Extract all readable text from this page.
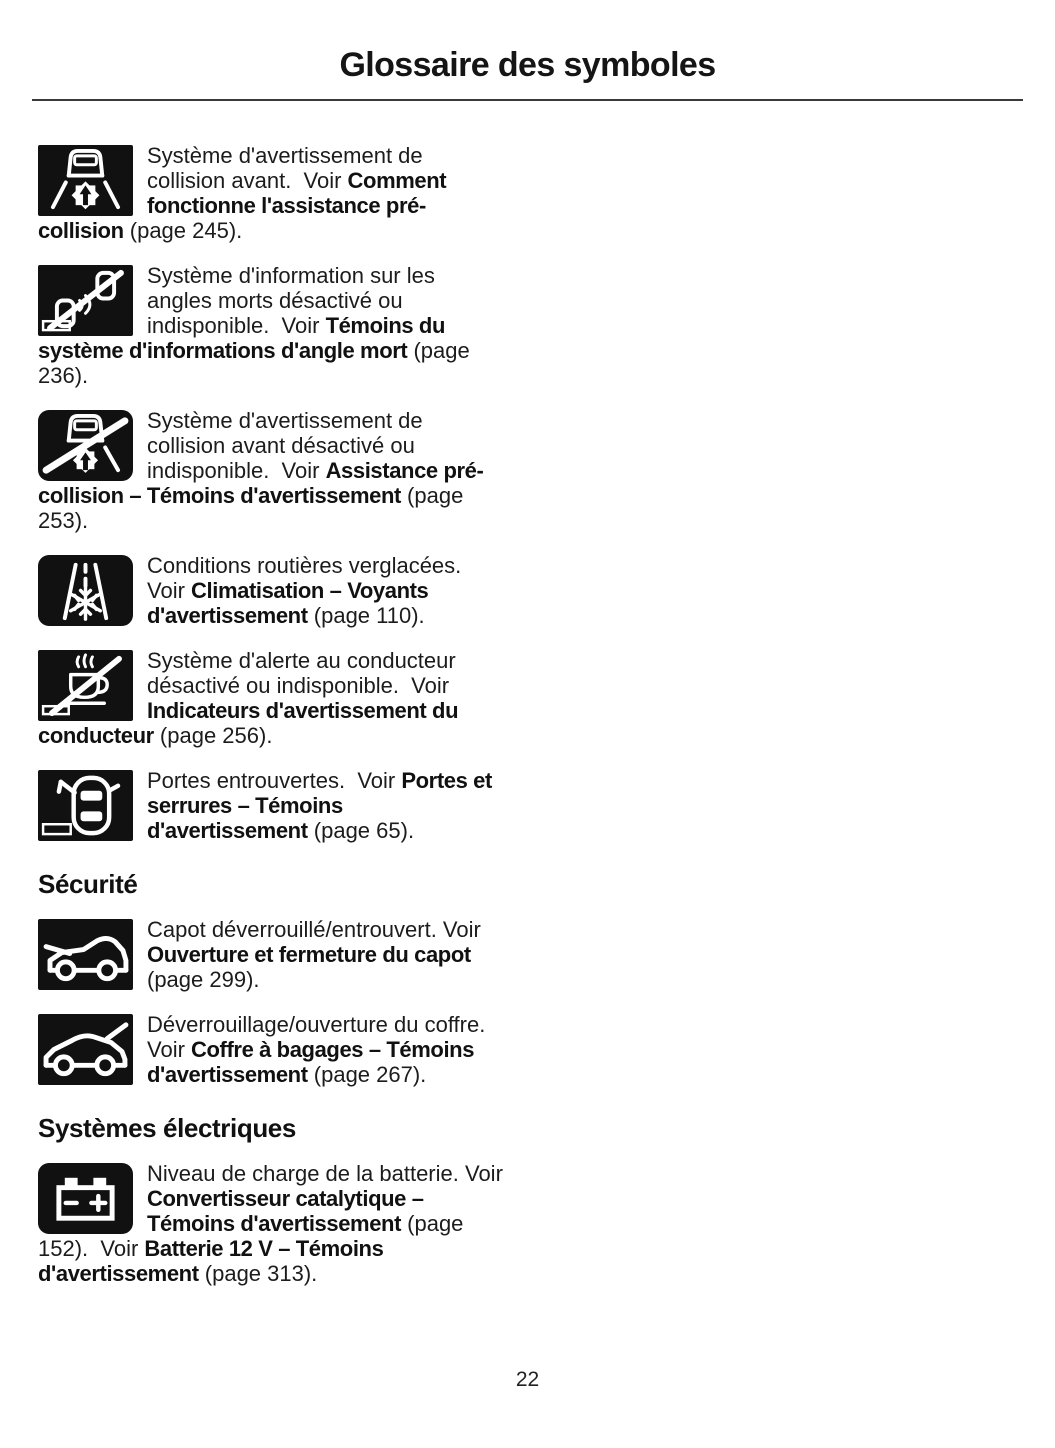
Glossaire des symboles

Système d'avertissement de collision avant.  Voir Comment fonctionne l'assistance pré-collision (page 245).

Système d'information sur les angles morts désactivé ou indisponible.  Voir Témoins du système d'informations d'angle mort (page 236).

Système d'avertissement de collision avant désactivé ou indisponible.  Voir Assistance pré-collision – Témoins d'avertissement (page 253).

Conditions routières verglacées. Voir Climatisation – Voyants d'avertissement (page 110).

Système d'alerte au conducteur désactivé ou indisponible.  Voir Indicateurs d'avertissement du conducteur (page 256).

Portes entrouvertes.  Voir Portes et serrures – Témoins d'avertissement (page 65).

Sécurité

Capot déverrouillé/entrouvert. Voir Ouverture et fermeture du capot (page 299).

Déverrouillage/ouverture du coffre.  Voir Coffre à bagages – Témoins d'avertissement (page 267).

Systèmes électriques

Niveau de charge de la batterie. Voir Convertisseur catalytique – Témoins d'avertissement (page 152).  Voir Batterie 12 V – Témoins d'avertissement (page 313).

22
